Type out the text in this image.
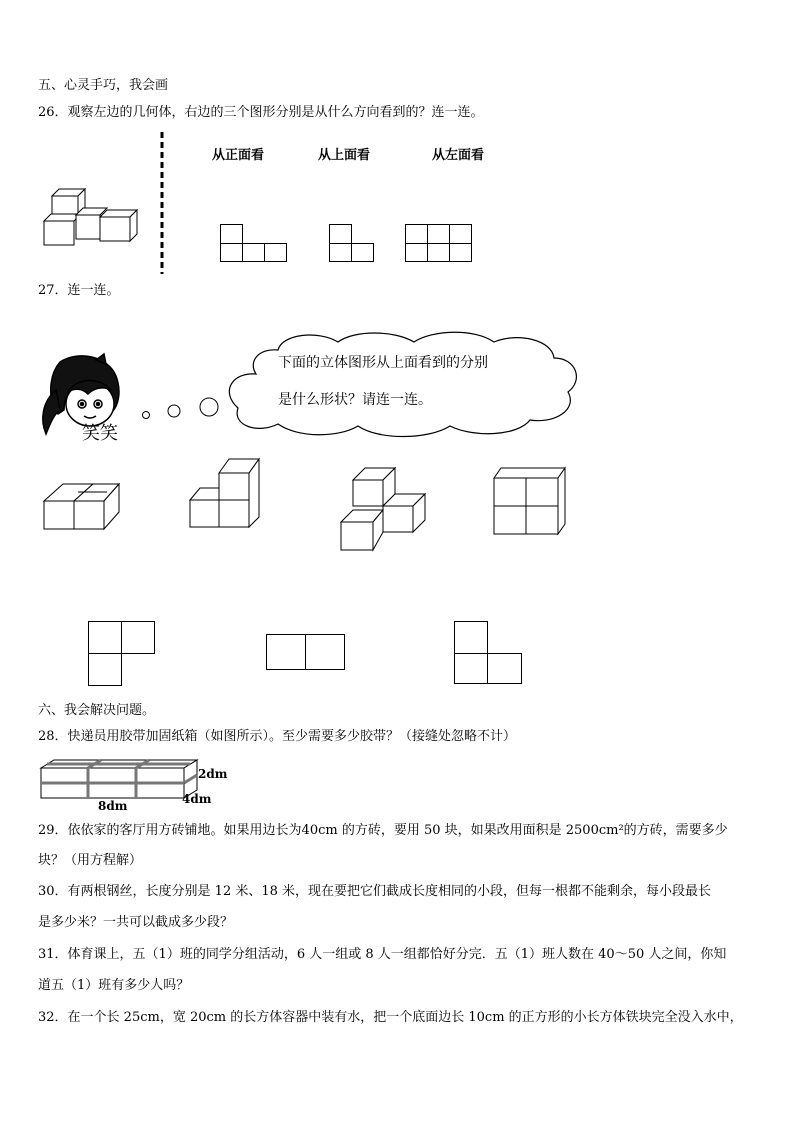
五、心灵手巧，我会画
26．观察左边的几何体，右边的三个图形分别是从什么方向看到的？连一连。
从正面看	从上面看	从左面看
27．连一连。
笑笑
下面的立体图形从上面看到的分别
是什么形状？请连一连。
六、我会解决问题。
28．快递员用胶带加固纸箱（如图所示）。至少需要多少胶带？（接缝处忽略不计）
2dm
4dm
8dm
29．依依家的客厅用方砖铺地。如果用边长为40cm 的方砖，要用 50 块，如果改用面积是 2500cm²的方砖，需要多少
块？（用方程解）
30．有两根钢丝，长度分别是 12 米、18 米，现在要把它们截成长度相同的小段，但每一根都不能剩余，每小段最长
是多少米？一共可以截成多少段？
31．体育课上，五（1）班的同学分组活动，6 人一组或 8 人一组都恰好分完．五（1）班人数在 40～50 人之间，你知
道五（1）班有多少人吗？
32．在一个长 25cm，宽 20cm 的长方体容器中装有水，把一个底面边长 10cm 的正方形的小长方体铁块完全没入水中，
